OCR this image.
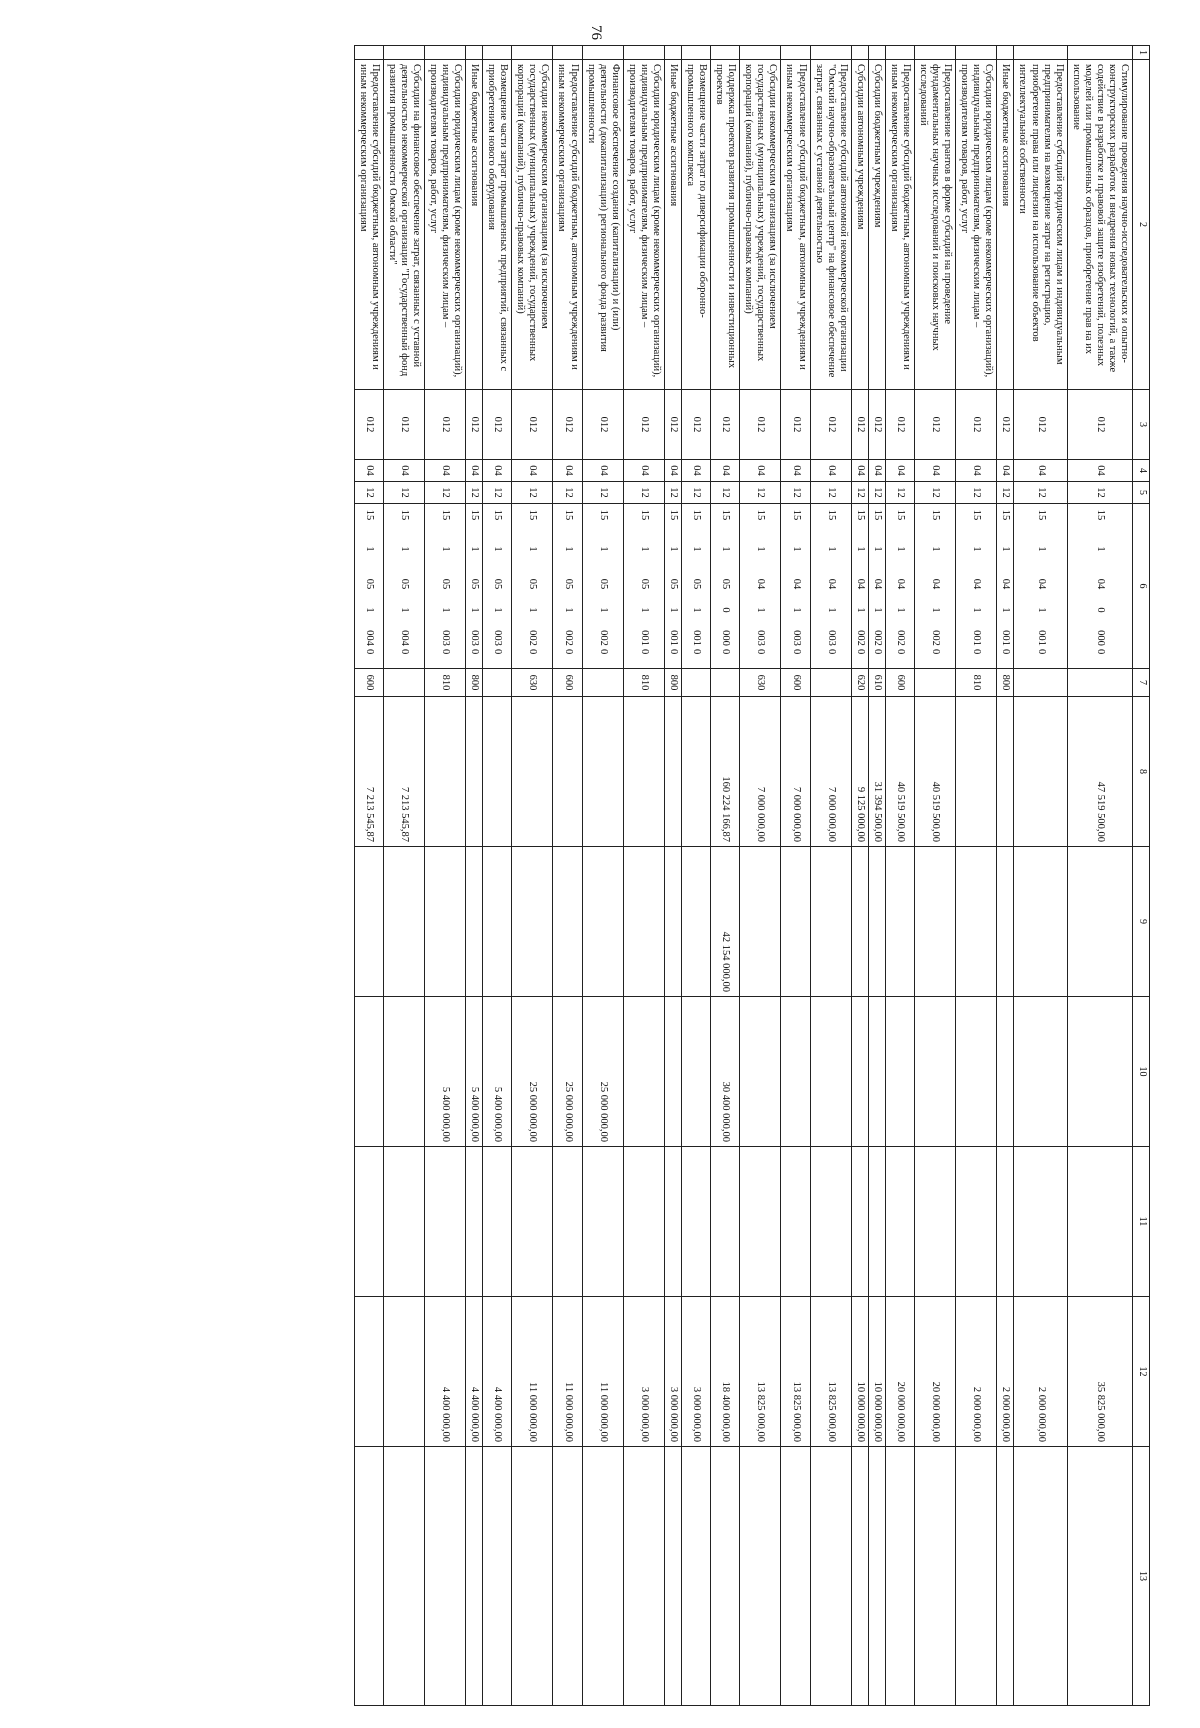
76
1	2	3	4	5	6	7	8	9	10	11	12	13
	Стимулирование проведения научно-исследовательских и опытно-конструкторских разработок и внедрения новых технологий, а также содействие в разработке и правовой защите изобретений, полезных моделей или промышленных образцов, приобретение прав на их использование	012	04	12	1510400000		47 519 500,00				35 825 000,00	
	Предоставление субсидий юридическим лицам и индивидуальным предпринимателям на возмещение затрат на регистрацию, приобретение права или лицензии на использование объектов интеллектуальной собственности	012	04	12	1510410010						2 000 000,00	
	Иные бюджетные ассигнования	012	04	12	1510410010	800					2 000 000,00	
	Субсидии юридическим лицам (кроме некоммерческих организаций), индивидуальным предпринимателям, физическим лицам – производителям товаров, работ, услуг	012	04	12	1510410010	810					2 000 000,00	
	Предоставление грантов в форме субсидий на проведение фундаментальных научных исследований и поисковых научных исследований	012	04	12	1510410020		40 519 500,00				20 000 000,00	
	Предоставление субсидий бюджетным, автономным учреждениям и иным некоммерческим организациям	012	04	12	1510410020	600	40 519 500,00				20 000 000,00	
	Субсидии бюджетным учреждениям	012	04	12	1510410020	610	31 394 500,00				10 000 000,00	
	Субсидии автономным учреждениям	012	04	12	1510410020	620	9 125 000,00				10 000 000,00	
	Предоставление субсидий автономной некоммерческой организации "Омский научно-образовательный центр" на финансовое обеспечение затрат, связанных с уставной деятельностью	012	04	12	1510410030		7 000 000,00				13 825 000,00	
	Предоставление субсидий бюджетным, автономным учреждениям и иным некоммерческим организациям	012	04	12	1510410030	600	7 000 000,00				13 825 000,00	
	Субсидии некоммерческим организациям (за исключением государственных (муниципальных) учреждений, государственных корпораций (компаний), публично-правовых компаний)	012	04	12	1510410030	630	7 000 000,00				13 825 000,00	
	Поддержка проектов развития промышленности и инвестиционных проектов	012	04	12	1510500000		160 224 166,87	42 154 000,00	30 400 000,00		18 400 000,00	
	Возмещение части затрат по диверсификации оборонно-промышленного комплекса	012	04	12	1510510010						3 000 000,00	
	Иные бюджетные ассигнования	012	04	12	1510510010	800					3 000 000,00	
	Субсидии юридическим лицам (кроме некоммерческих организаций), индивидуальным предпринимателям, физическим лицам – производителям товаров, работ, услуг	012	04	12	1510510010	810					3 000 000,00	
	Финансовое обеспечение создания (капитализации) и (или) деятельности (докапитализации) регионального фонда развития промышленности	012	04	12	1510510020				25 000 000,00		11 000 000,00	
	Предоставление субсидий бюджетным, автономным учреждениям и иным некоммерческим организациям	012	04	12	1510510020	600			25 000 000,00		11 000 000,00	
	Субсидии некоммерческим организациям (за исключением государственных (муниципальных) учреждений, государственных корпораций (компаний), публично-правовых компаний)	012	04	12	1510510020	630			25 000 000,00		11 000 000,00	
	Возмещение части затрат промышленных предприятий, связанных с приобретением нового оборудования	012	04	12	1510510030				5 400 000,00		4 400 000,00	
	Иные бюджетные ассигнования	012	04	12	1510510030	800			5 400 000,00		4 400 000,00	
	Субсидии юридическим лицам (кроме некоммерческих организаций), индивидуальным предпринимателям, физическим лицам – производителям товаров, работ, услуг	012	04	12	1510510030	810			5 400 000,00		4 400 000,00	
	Субсидии на финансовое обеспечение затрат, связанных с уставной деятельностью некоммерческой организации "Государственный фонд развития промышленности Омской области"	012	04	12	1510510040		7 213 545,87					
	Предоставление субсидий бюджетным, автономным учреждениям и иным некоммерческим организациям	012	04	12	1510510040	600	7 213 545,87					
